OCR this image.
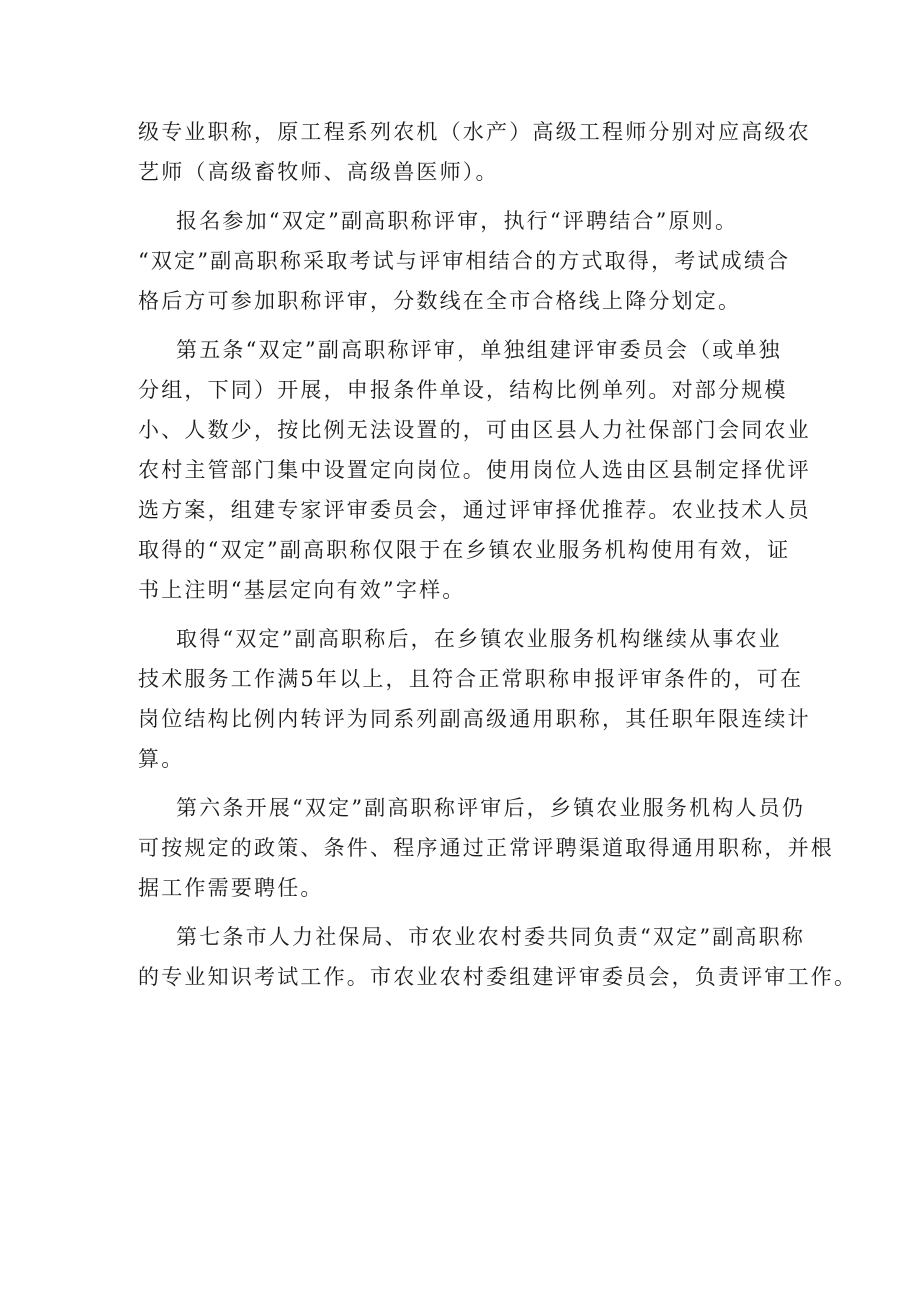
级专业职称，原工程系列农机（水产）高级工程师分别对应高级农
艺师（高级畜牧师、高级兽医师）。
报名参加“双定”副高职称评审，执行“评聘结合”原则。
“双定”副高职称采取考试与评审相结合的方式取得，考试成绩合
格后方可参加职称评审，分数线在全市合格线上降分划定。
第五条“双定”副高职称评审，单独组建评审委员会（或单独
分组，下同）开展，申报条件单设，结构比例单列。对部分规模
小、人数少，按比例无法设置的，可由区县人力社保部门会同农业
农村主管部门集中设置定向岗位。使用岗位人选由区县制定择优评
选方案，组建专家评审委员会，通过评审择优推荐。农业技术人员
取得的“双定”副高职称仅限于在乡镇农业服务机构使用有效，证
书上注明“基层定向有效”字样。
取得“双定”副高职称后，在乡镇农业服务机构继续从事农业
技术服务工作满5年以上，且符合正常职称申报评审条件的，可在
岗位结构比例内转评为同系列副高级通用职称，其任职年限连续计
算。
第六条开展“双定”副高职称评审后，乡镇农业服务机构人员仍
可按规定的政策、条件、程序通过正常评聘渠道取得通用职称，并根
据工作需要聘任。
第七条市人力社保局、市农业农村委共同负责“双定”副高职称
的专业知识考试工作。市农业农村委组建评审委员会，负责评审工作。
